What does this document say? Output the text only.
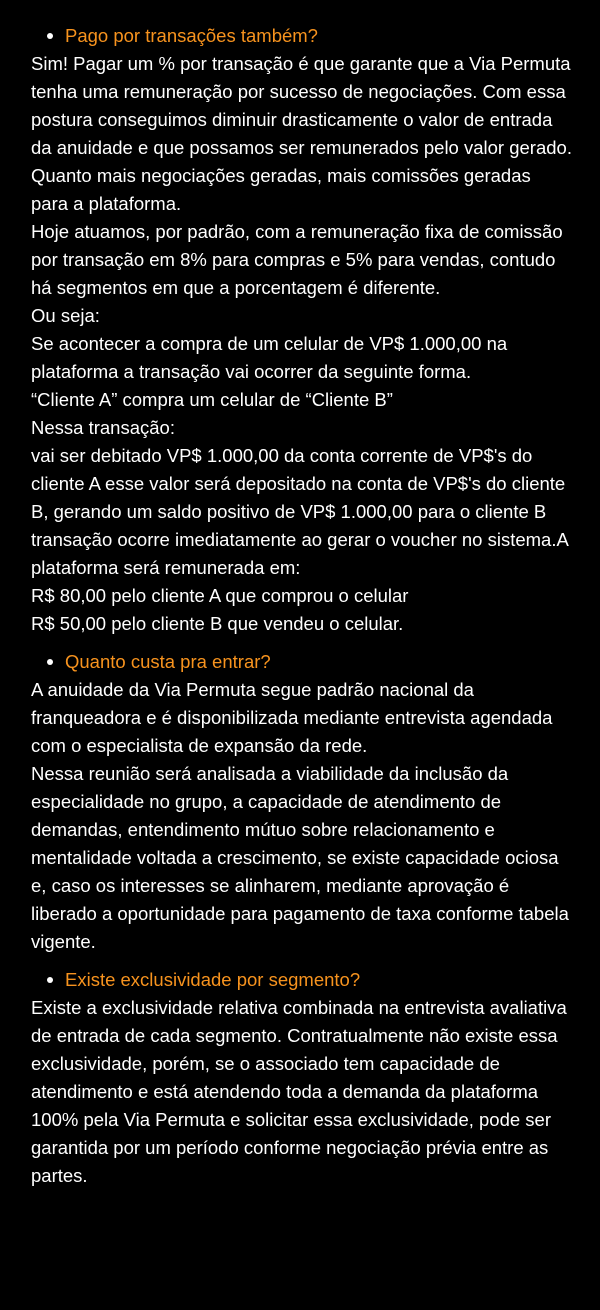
Pago por transações também?

Sim! Pagar um % por transação é que garante que a Via Permuta tenha uma remuneração por sucesso de negociações. Com essa postura conseguimos diminuir drasticamente o valor de entrada da anuidade e que possamos ser remunerados pelo valor gerado.

Quanto mais negociações geradas, mais comissões geradas para a plataforma.

Hoje atuamos, por padrão, com a remuneração fixa de comissão por transação em 8% para compras e 5% para vendas, contudo há segmentos em que a porcentagem é diferente.

Ou seja:

Se acontecer a compra de um celular de VP$ 1.000,00 na plataforma a transação vai ocorrer da seguinte forma.

“Cliente A” compra um celular de “Cliente B”

Nessa transação:

vai ser debitado VP$ 1.000,00 da conta corrente de VP$'s do cliente A esse valor será depositado na conta de VP$'s do cliente B, gerando um saldo positivo de VP$ 1.000,00 para o cliente B transação ocorre imediatamente ao gerar o voucher no sistema.A plataforma será remunerada em:

R$ 80,00 pelo cliente A que comprou o celular

R$ 50,00 pelo cliente B que vendeu o celular.

Quanto custa pra entrar?

A anuidade da Via Permuta segue padrão nacional da franqueadora e é disponibilizada mediante entrevista agendada com o especialista de expansão da rede.

Nessa reunião será analisada a viabilidade da inclusão da especialidade no grupo, a capacidade de atendimento de demandas, entendimento mútuo sobre relacionamento e mentalidade voltada a crescimento, se existe capacidade ociosa e, caso os interesses se alinharem, mediante aprovação é liberado a oportunidade para pagamento de taxa conforme tabela vigente.

Existe exclusividade por segmento?

Existe a exclusividade relativa combinada na entrevista avaliativa de entrada de cada segmento. Contratualmente não existe essa exclusividade, porém, se o associado tem capacidade de atendimento e está atendendo toda a demanda da plataforma 100% pela Via Permuta e solicitar essa exclusividade, pode ser garantida por um período conforme negociação prévia entre as partes.
